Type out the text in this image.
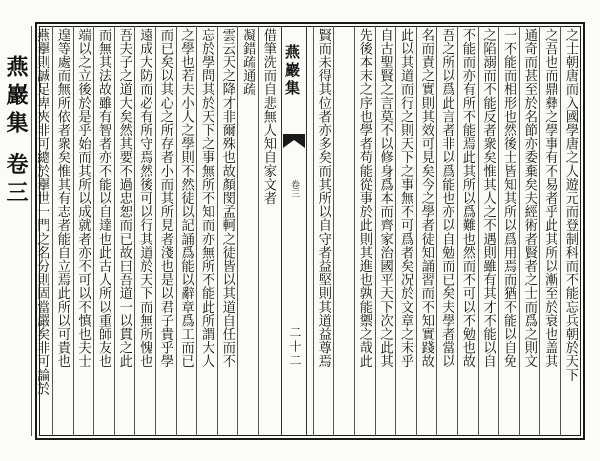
燕巖集 卷三	燕巖集
卷三
二十二	之士朝唐而入國學唐之人遊元而登制科而不能忘兵朝於天下
之吾也而鼎彝之學事有不易者乎此其所以漸至於衰也盖其
通奇而甚至於名節亦委棄矣夫經術者賢者之士而爲之則文
一不能而相形也然後士皆知其所以爲用焉而猶不能以自免
之陷溺而不能反者衆矣惟其人之不遇則雖有其才不能以自
不能而亦有所不能焉此其所以爲難也然而不可以不勉也故
吾之所以爲此言者非以爲能也亦以自勉而已矣夫學者當以
名而責之實則其效可見矣今之學者徒知誦習而不知實踐故
此以其道而行之則天下之事無不可爲者矣况於文章之末乎
自古聖賢之言莫不以修身爲本而齊家治國平天下次之此其
先後本末之序也學者苟能從事於此則其進也孰能禦之哉此
賢而未得其位者亦多矣而其所以自守者益堅則其道益尊焉
借筆洗而自悲無人知自家文者
凝錯疏通疏
雲云天之降才非爾殊也故顏閔孟軻之徒皆以其道自任而不
忘於學問其於天下之事無所不知而亦無所不能此所謂大人
之學也若夫小人之學則不然徒以記誦爲能以辭章爲工而已
而已矣以其心之所存者小而其所見者淺也是以君子貴乎學
遠成大防而必有所守焉然後可以行其道於天下而無所愧也
吾夫子之道大矣然其要不過忠恕而已故曰吾道一以貫之此
而無其法故雖有智者亦不能以自達也此古人所以重師友也
端以之立後於是乎始而其所以成就者亦不可以不慎也夫士
遑等處而無所依者衆矣惟其有志者能自立焉此所以可貴也
燕擧則誠足卑夾非可總於擧世一門之名分則固當嚴矣非可論於
